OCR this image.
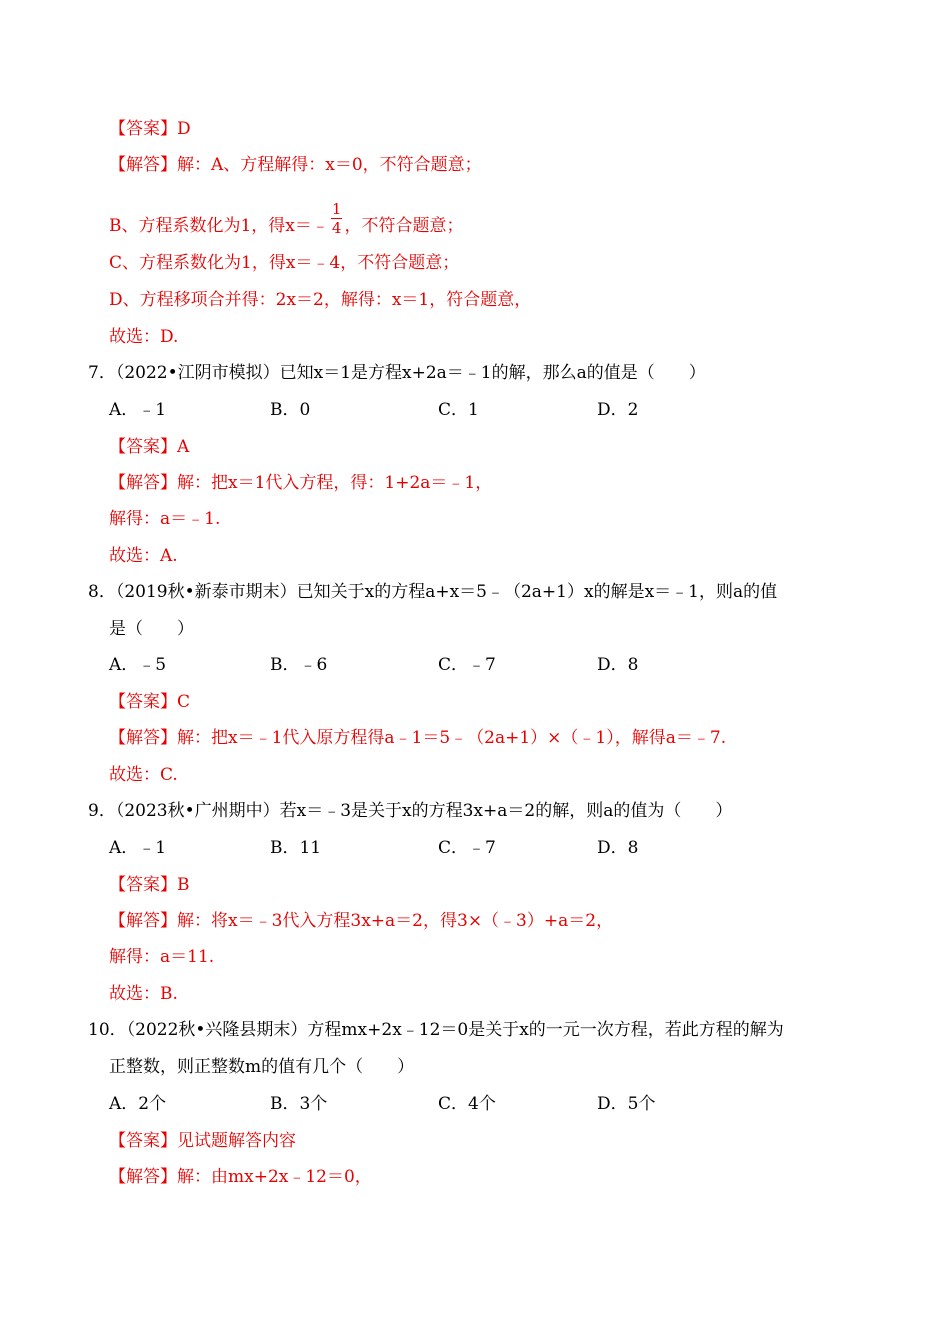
【答案】D
【解答】解：A、方程解得：x＝0，不符合题意；
B、方程系数化为1，得x＝﹣ $\frac{1}{4}$ ，不符合题意；
C、方程系数化为1，得x＝﹣4，不符合题意；
D、方程移项合并得：2x＝2，解得：x＝1，符合题意，
故选：D.
7．（2022•江阴市模拟）已知x＝1是方程x+2a＝﹣1的解，那么a的值是（　　）
A．﹣1	B．0	C．1	D．2
【答案】A
【解答】解：把x＝1代入方程，得：1+2a＝﹣1，
解得：a＝﹣1.
故选：A.
8．（2019秋•新泰市期末）已知关于x的方程a+x＝5﹣（2a+1）x的解是x＝﹣1，则a的值
是（　　）
A．﹣5	B．﹣6	C．﹣7	D．8
【答案】C
【解答】解：把x＝﹣1代入原方程得a﹣1＝5﹣（2a+1）×（﹣1），解得a＝﹣7.
故选：C.
9．（2023秋•广州期中）若x＝﹣3是关于x的方程3x+a＝2的解，则a的值为（　　）
A．﹣1	B．11	C．﹣7	D．8
【答案】B
【解答】解：将x＝﹣3代入方程3x+a＝2，得3×（﹣3）+a＝2，
解得：a＝11.
故选：B.
10．（2022秋•兴隆县期末）方程mx+2x﹣12＝0是关于x的一元一次方程，若此方程的解为
正整数，则正整数m的值有几个（　　）
A．2个	B．3个	C．4个	D．5个
【答案】见试题解答内容
【解答】解：由mx+2x﹣12＝0，
